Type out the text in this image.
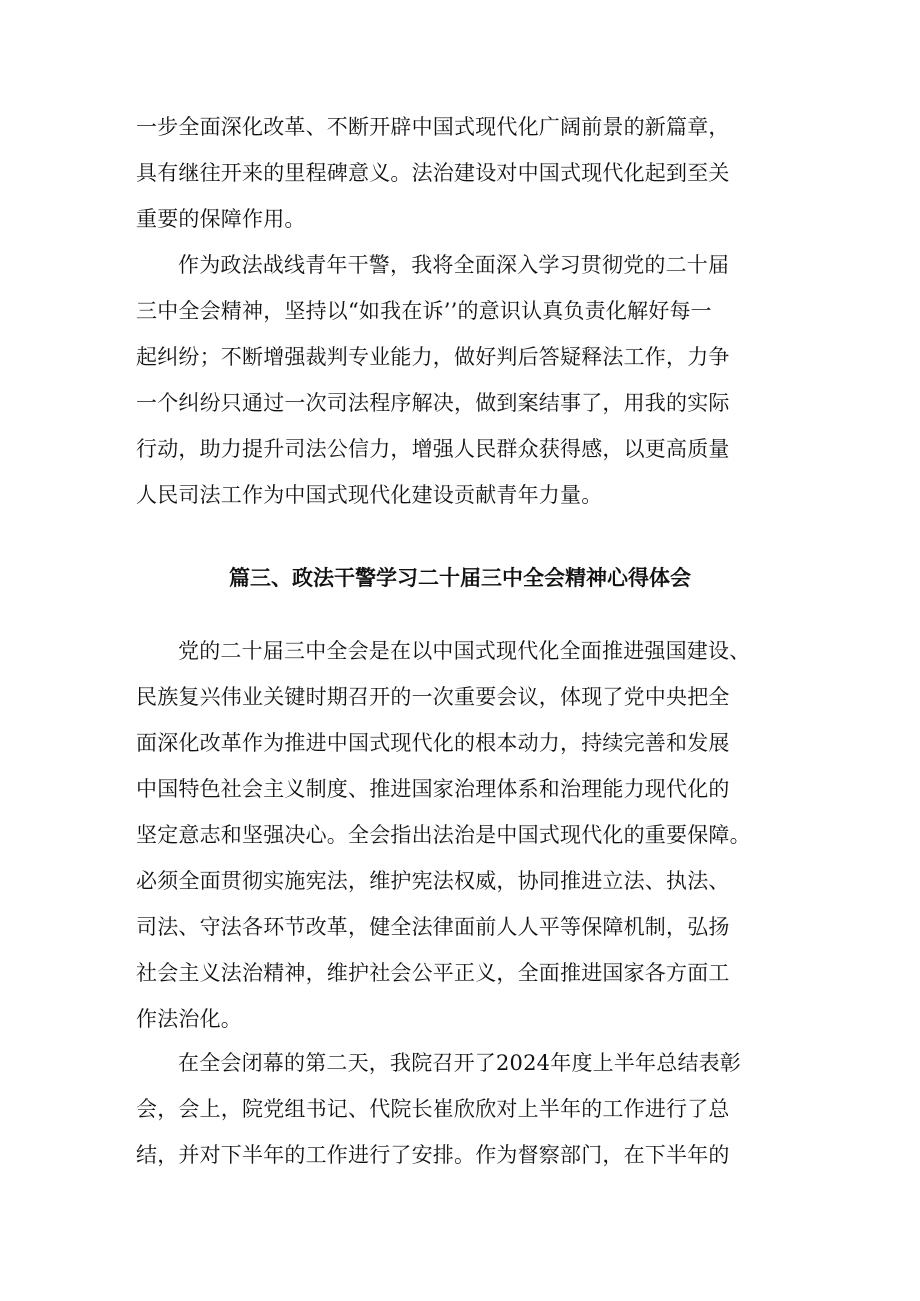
一步全面深化改革、不断开辟中国式现代化广阔前景的新篇章，
具有继往开来的里程碑意义。法治建设对中国式现代化起到至关
重要的保障作用。

作为政法战线青年干警，我将全面深入学习贯彻党的二十届
三中全会精神，坚持以“如我在诉’’的意识认真负责化解好每一
起纠纷；不断增强裁判专业能力，做好判后答疑释法工作，力争
一个纠纷只通过一次司法程序解决，做到案结事了，用我的实际
行动，助力提升司法公信力，增强人民群众获得感，以更高质量
人民司法工作为中国式现代化建设贡献青年力量。

篇三、政法干警学习二十届三中全会精神心得体会

党的二十届三中全会是在以中国式现代化全面推进强国建设、
民族复兴伟业关键时期召开的一次重要会议，体现了党中央把全
面深化改革作为推进中国式现代化的根本动力，持续完善和发展
中国特色社会主义制度、推进国家治理体系和治理能力现代化的
坚定意志和坚强决心。全会指出法治是中国式现代化的重要保障。
必须全面贯彻实施宪法，维护宪法权威，协同推进立法、执法、
司法、守法各环节改革，健全法律面前人人平等保障机制，弘扬
社会主义法治精神，维护社会公平正义，全面推进国家各方面工
作法治化。

在全会闭幕的第二天，我院召开了2024年度上半年总结表彰
会，会上，院党组书记、代院长崔欣欣对上半年的工作进行了总
结，并对下半年的工作进行了安排。作为督察部门，在下半年的
